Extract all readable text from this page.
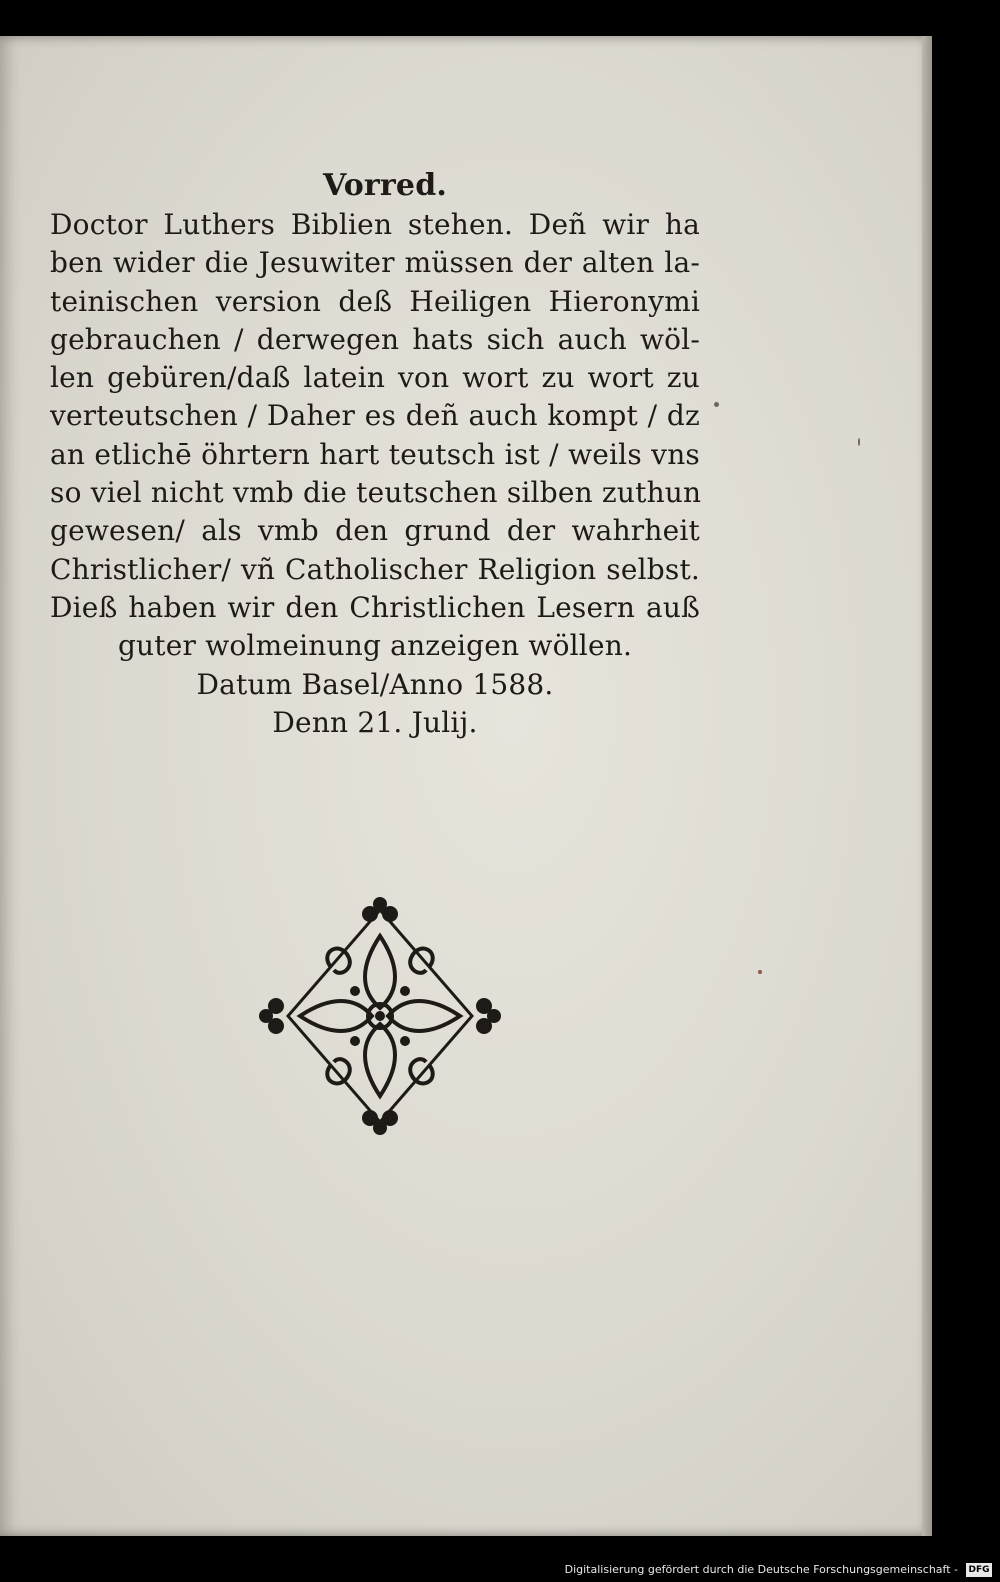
Vorred.
Doctor Luthers Biblien stehen. Deñ wir ha
ben wider die Jesuwiter müssen der alten la-
teinischen version deß Heiligen Hieronymi
gebrauchen / derwegen hats sich auch wöl-
len gebüren/daß latein von wort zu wort zu
verteutschen / Daher es deñ auch kompt / dz
an etlichē öhrtern hart teutsch ist / weils vns
so viel nicht vmb die teutschen silben zuthun
gewesen/ als vmb den grund der wahrheit
Christlicher/ vñ Catholischer Religion selbst.
Dieß haben wir den Christlichen Lesern auß
guter wolmeinung anzeigen wöllen.
Datum Basel/Anno 1588.
Denn 21. Julij.
Digitalisierung gefördert durch die Deutsche Forschungsgemeinschaft - DFG
